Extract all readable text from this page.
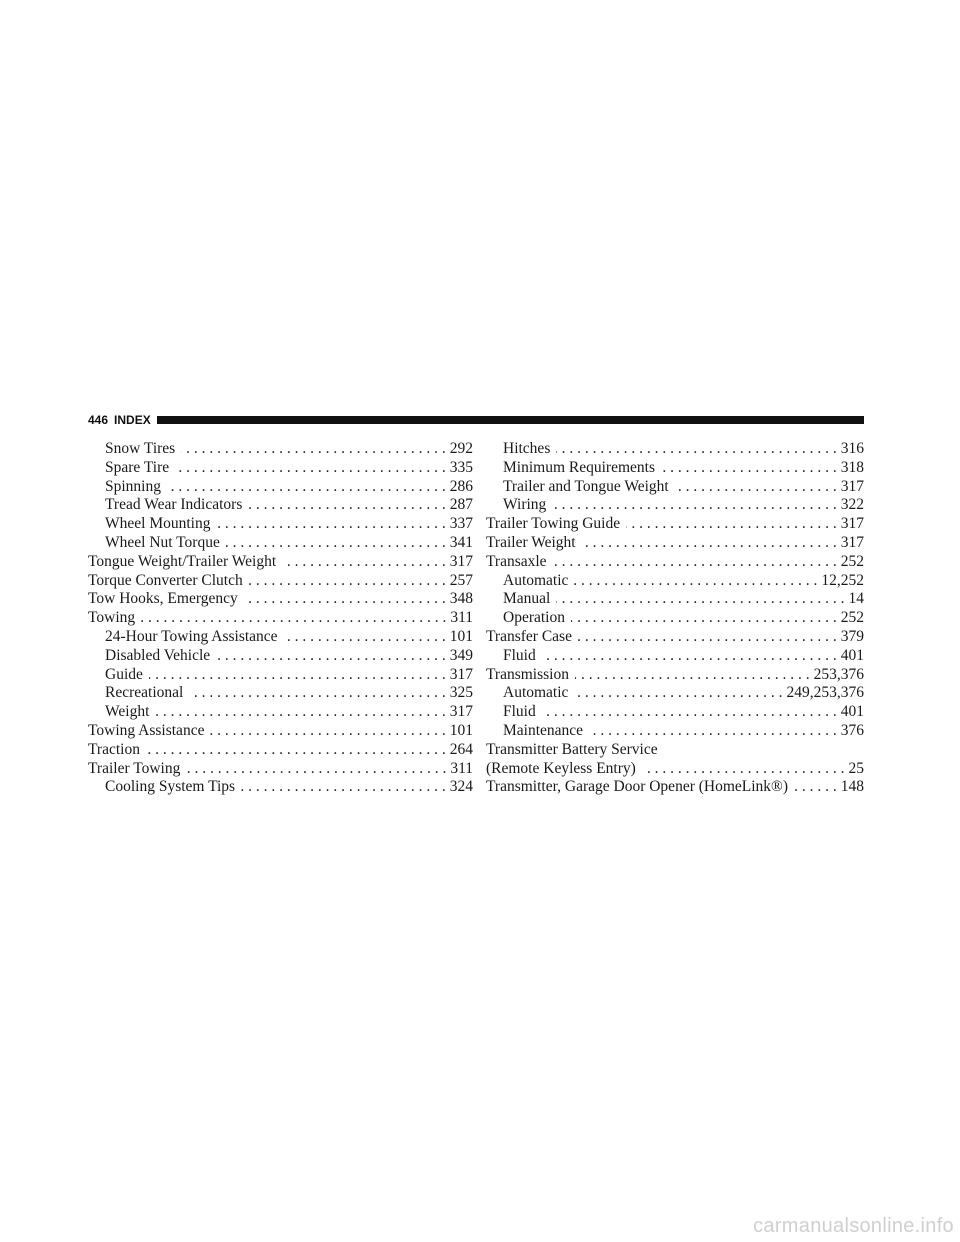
446 INDEX
Snow Tires . . .	292
Spare Tire . . .	335
Spinning . . .	286
Tread Wear Indicators . . .	287
Wheel Mounting . . .	337
Wheel Nut Torque . . .	341
Tongue Weight/Trailer Weight . . .	317
Torque Converter Clutch . . .	257
Tow Hooks, Emergency . . .	348
Towing . . .	311
24-Hour Towing Assistance . . .	101
Disabled Vehicle . . .	349
Guide . . .	317
Recreational . . .	325
Weight . . .	317
Towing Assistance . . .	101
Traction . . .	264
Trailer Towing . . .	311
Cooling System Tips . . .	324
Hitches . . .	316
Minimum Requirements . . .	318
Trailer and Tongue Weight . . .	317
Wiring . . .	322
Trailer Towing Guide . . .	317
Trailer Weight . . .	317
Transaxle . . .	252
Automatic . . .	12,252
Manual . . .	14
Operation . . .	252
Transfer Case . . .	379
Fluid . . .	401
Transmission . . .	253,376
Automatic . . .	249,253,376
Fluid . . .	401
Maintenance . . .	376
Transmitter Battery Service
(Remote Keyless Entry) . . .	25
Transmitter, Garage Door Opener (HomeLink®) . . .	148
carmanualsonline.info
